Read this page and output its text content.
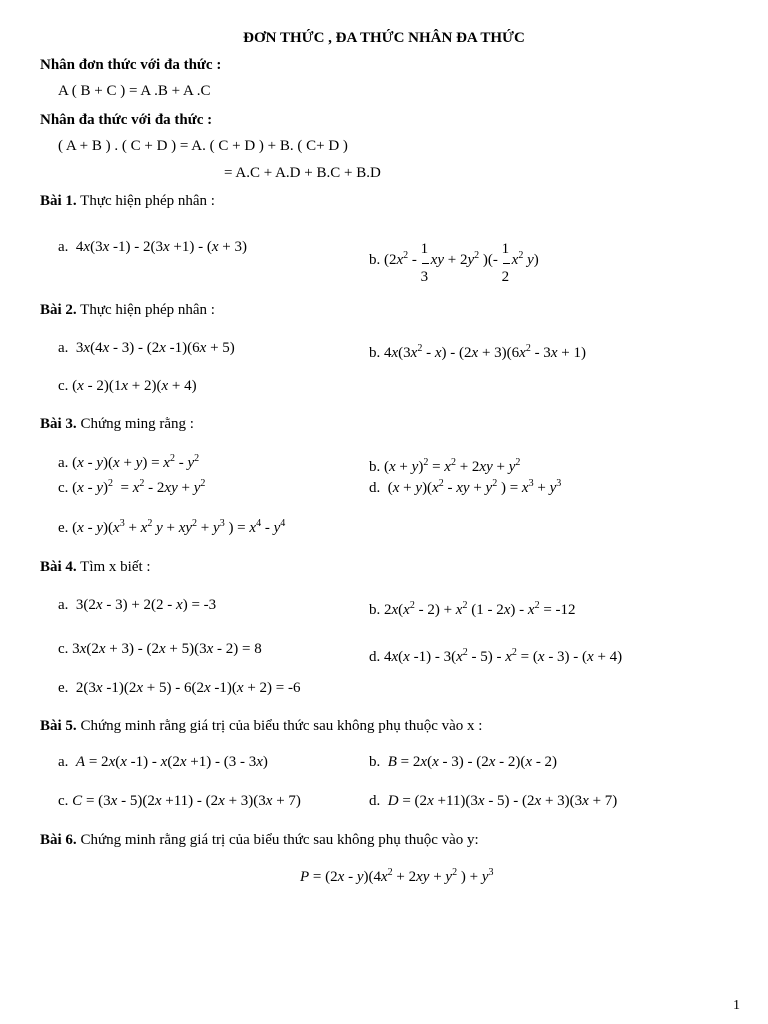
ĐƠN THỨC , ĐA THỨC NHÂN ĐA THỨC
Nhân đơn thức với đa thức :
A ( B + C ) = A .B + A .C
Nhân đa thức với đa thức :
( A + B ) . ( C + D ) = A. ( C + D ) + B. ( C+ D )
= A.C + A.D + B.C + B.D
Bài 1. Thực hiện phép nhân :
a.  4x(3x -1) - 2(3x +1) - (x + 3)
b. ($2x^2 - \frac{1}{3}$ xy + $2y^2$ )(- $\frac{1}{2} x^2$ y)
Bài 2. Thực hiện phép nhân :
a.  3x(4x - 3) - (2x -1)(6x + 5)	b. $4x(3x^2 - x) - (2x + 3)(6x^2 - 3x + 1)$
c. (x - 2)(1x + 2)(x + 4)
Bài 3. Chứng ming rằng :
a. $(x - y)(x + y) = x^2 - y^2$
b. $(x + y)^2 = x^2 + 2xy + y^2$
c. $(x - y)^2 = x^2 - 2xy + y^2$	d.  $(x + y)(x^2$ - xy + $y^2$ ) = $x^3 + y^3$
e. $(x - y)(x^3 + x^2$ $y + xy^2 + y^3$ ) = $x^4 - y^4$
Bài 4. Tìm x biết :
a.  3(2x - 3) + 2(2 - x) = -3	b. $2x(x^2 - 2) + x^2$ $(1 - 2x) - x^2 = -12$
c. 3x(2x + 3) - (2x + 5)(3x - 2) = 8	d. 4x(x $-1) - 3(x^2 - 5) - x^2 = (x - 3) - (x + 4)$
e.  2(3x -1)(2x + 5) - 6(2x -1)(x + 2) = -6
Bài 5. Chứng minh rằng giá trị của biểu thức sau không phụ thuộc vào x :
a. A = 2x(x -1) - x(2x +1) - (3 - 3x)	b. B = 2x(x - 3) - (2x - 2)(x - 2)
c. C = (3x - 5)(2x +11) - (2x + 3)(3x + 7)	d. D = (2x +11)(3x - 5) - (2x + 3)(3x + 7)
Bài 6. Chứng minh rằng giá trị của biểu thức sau không phụ thuộc vào y:
$P = (2x - y)(4x^2 + 2xy + y^2$ ) + $y^3$
1
